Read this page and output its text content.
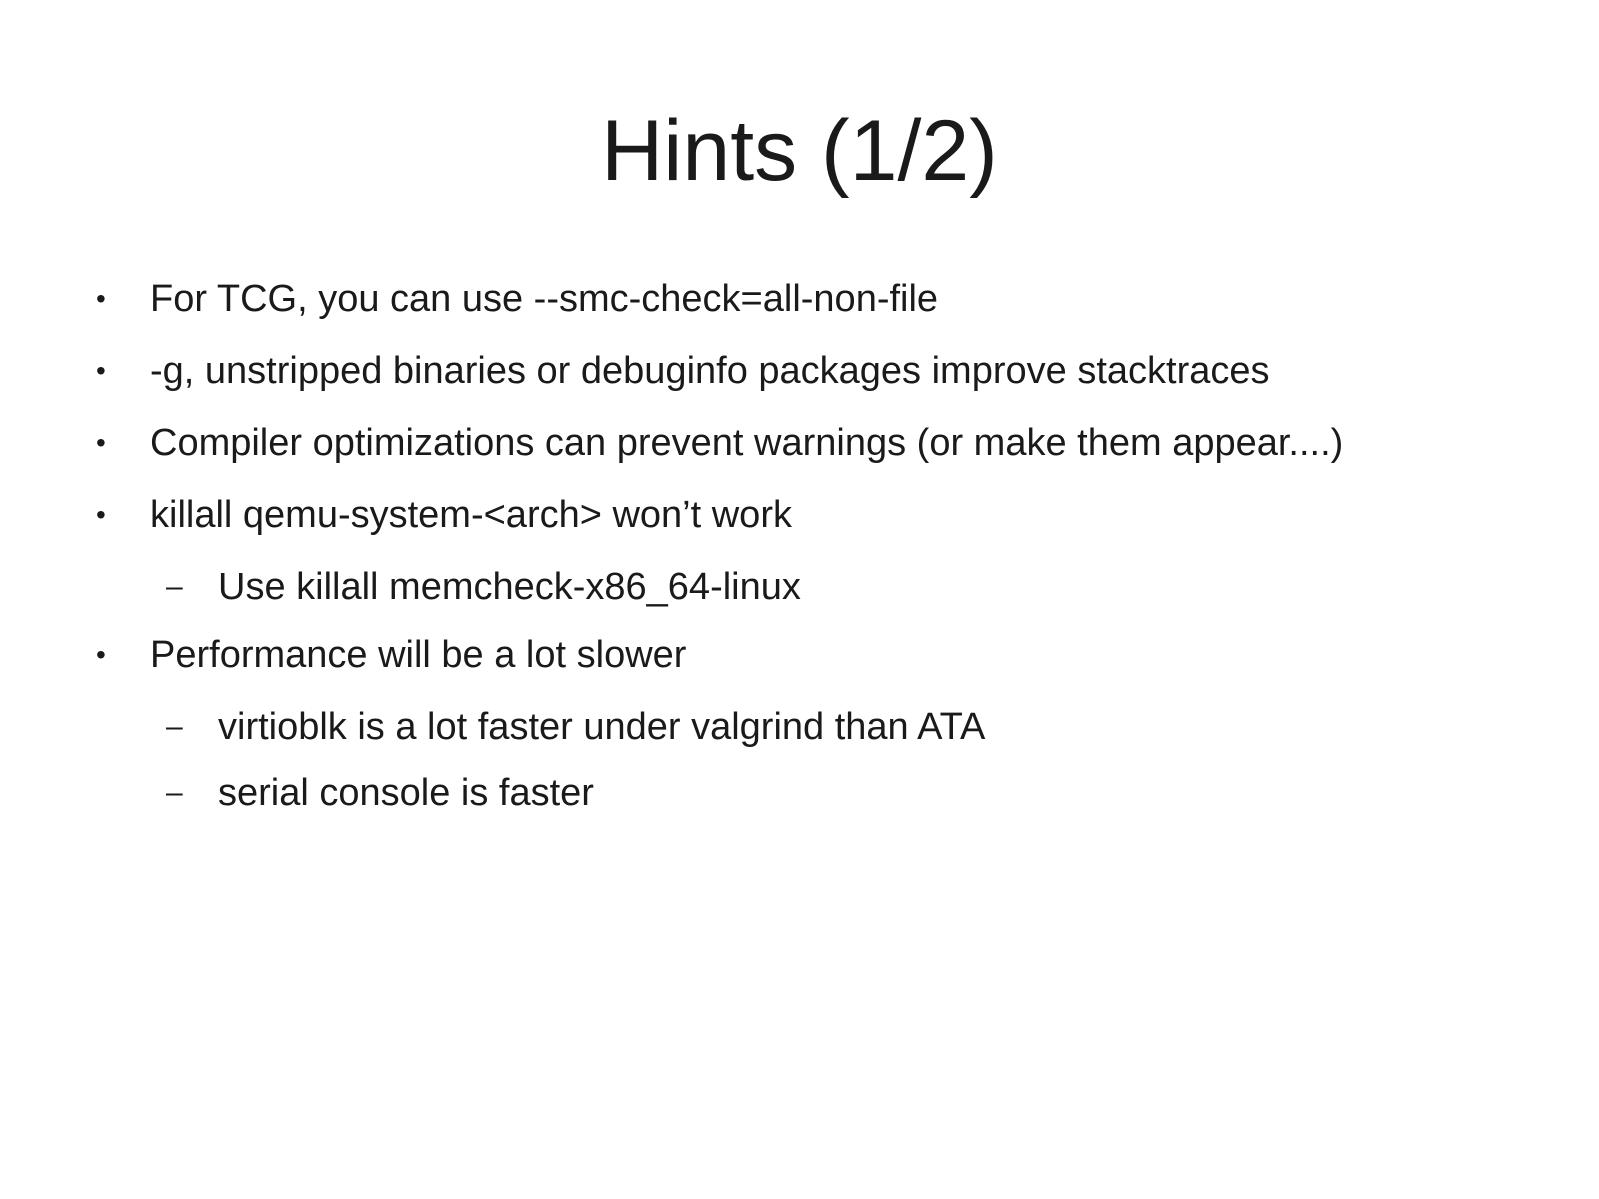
Hints (1/2)
• For TCG, you can use --smc-check=all-non-file
• -g, unstripped binaries or debuginfo packages improve stacktraces
• Compiler optimizations can prevent warnings (or make them appear....)
• killall qemu-system-<arch> won’t work
– Use killall memcheck-x86_64-linux
• Performance will be a lot slower
– virtioblk is a lot faster under valgrind than ATA
– serial console is faster
